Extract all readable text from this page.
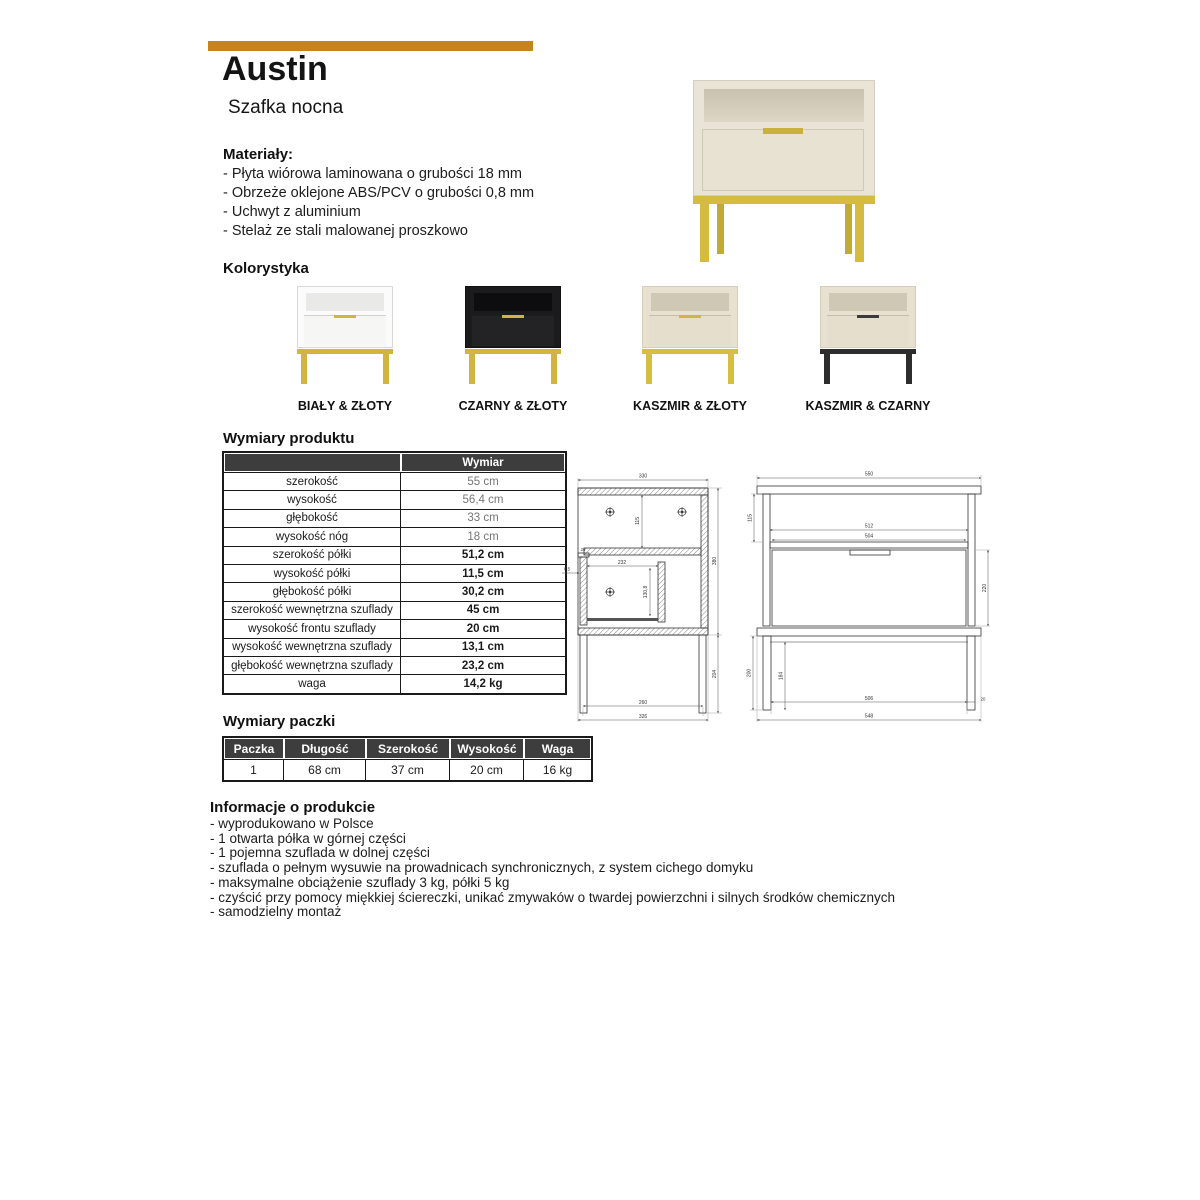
Austin
Szafka nocna
Materiały:
- Płyta wiórowa laminowana o grubości 18 mm
- Obrzeże oklejone ABS/PCV o grubości 0,8 mm
- Uchwyt z aluminium
- Stelaż ze stali malowanej proszkowo
Kolorystyka
BIAŁY & ZŁOTY	CZARNY & ZŁOTY	KASZMIR & ZŁOTY	KASZMIR & CZARNY
Wymiary produktu
	Wymiar
szerokość	55 cm
wysokość	56,4 cm
głębokość	33 cm
wysokość nóg	18 cm
szerokość półki	51,2 cm
wysokość półki	11,5 cm
głębokość półki	30,2 cm
szerokość wewnętrzna szuflady	45 cm
wysokość frontu szuflady	20 cm
wysokość wewnętrzna szuflady	13,1 cm
głębokość wewnętrzna szuflady	23,2 cm
waga	14,2 kg
330
115
26
8,5
232
130,8
380
204
260
326
550
115
512
504
220
200	184
506	20
548
Wymiary paczki
Paczka	Długość	Szerokość	Wysokość	Waga
1	68 cm	37 cm	20 cm	16 kg
Informacje o produkcie
- wyprodukowano w Polsce
- 1 otwarta półka w górnej części
- 1 pojemna szuflada w dolnej części
- szuflada o pełnym wysuwie na prowadnicach synchronicznych, z system cichego domyku
- maksymalne obciążenie szuflady 3 kg, półki 5 kg
- czyścić przy pomocy miękkiej ściereczki, unikać zmywaków o twardej powierzchni i silnych środków chemicznych
- samodzielny montaż
